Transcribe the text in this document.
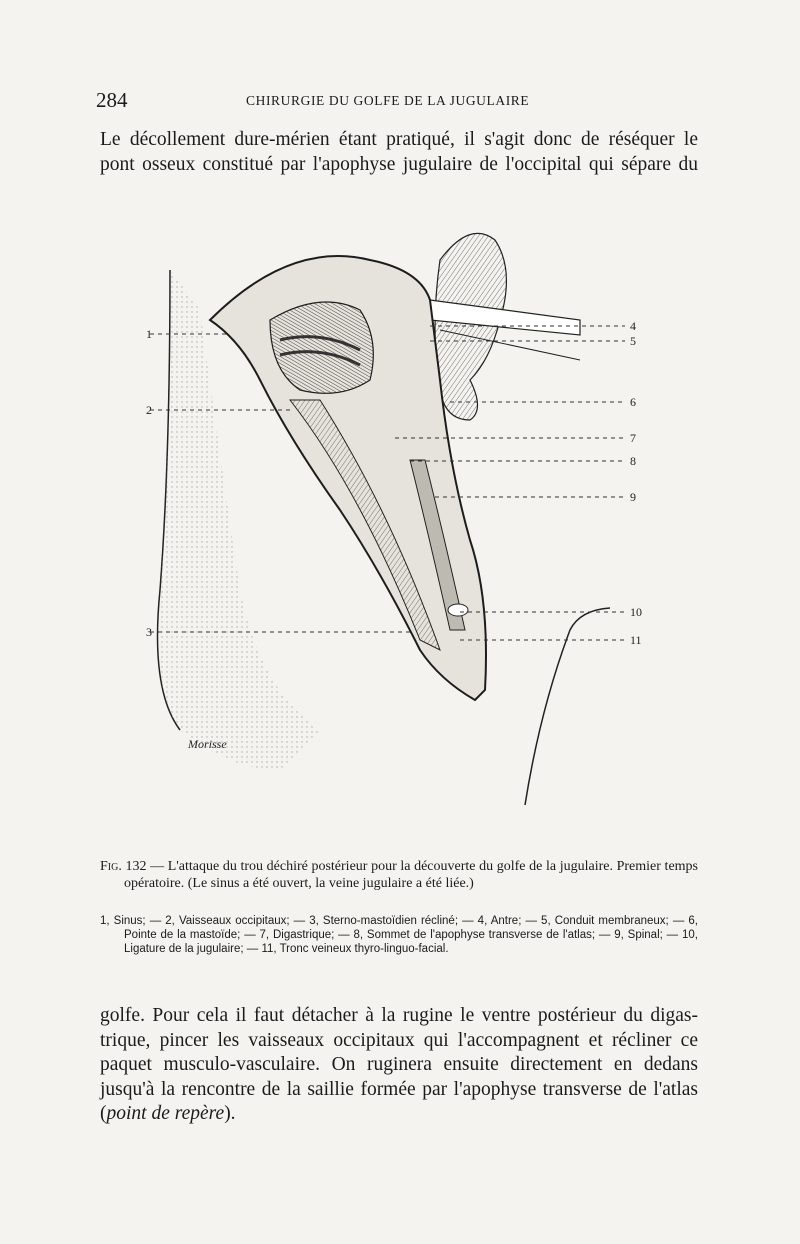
284	CHIRURGIE DU GOLFE DE LA JUGULAIRE
Le décollement dure-mérien étant pratiqué, il s'agit donc de réséquer le
pont osseux constitué par l'apophyse jugulaire de l'occipital qui sépare du
1
2
3
4
5
6
7
8
9
10
11
Morisse

Fig. 132 — L'attaque du trou déchiré postérieur pour la découverte du golfe de la jugulaire. Premier temps opératoire. (Le sinus a été ouvert, la veine jugulaire a été liée.)

1, Sinus; — 2, Vaisseaux occipitaux; — 3, Sterno-mastoïdien récliné; — 4, Antre; — 5, Conduit membraneux; — 6, Pointe de la mastoïde; — 7, Digastrique; — 8, Sommet de l'apophyse transverse de l'atlas; — 9, Spinal; — 10, Ligature de la jugulaire; — 11, Tronc veineux thyro-linguo-facial.

golfe. Pour cela il faut détacher à la rugine le ventre postérieur du digas-
trique, pincer les vaisseaux occipitaux qui l'accompagnent et récliner ce
paquet musculo-vasculaire. On ruginera ensuite directement en dedans
jusqu'à la rencontre de la saillie formée par l'apophyse transverse de l'atlas
(point de repère).
